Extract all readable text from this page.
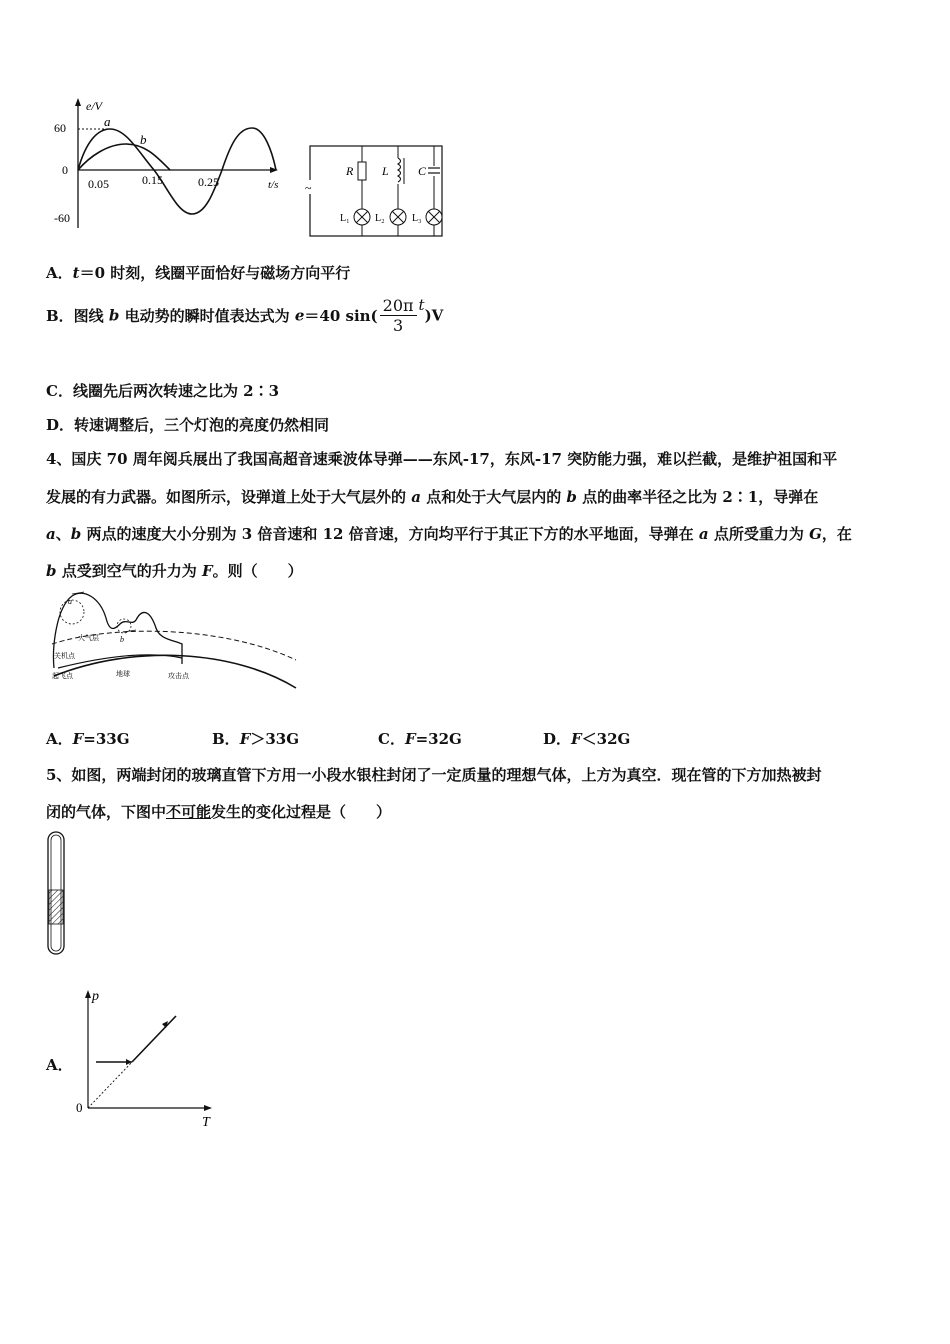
e/V
60
0
-60
0.05	0.15	0.25	t/s
a
b
~
R L C
L₁	L₂	L₃
A．t＝0 时刻，线圈平面恰好与磁场方向平行
B．图线 b 电动势的瞬时值表达式为 e＝40 $\sin( \frac{20\pi}{3} t)V$
C．线圈先后两次转速之比为 2∶3
D．转速调整后，三个灯泡的亮度仍然相同
4、国庆 70 周年阅兵展出了我国高超音速乘波体导弹——东风-17，东风-17 突防能力强，难以拦截，是维护祖国和平
发展的有力武器。如图所示，设弹道上处于大气层外的 a 点和处于大气层内的 b 点的曲率半径之比为 2∶1，导弹在
a、b 两点的速度大小分别为 3 倍音速和 12 倍音速，方向均平行于其正下方的水平地面，导弹在 a 点所受重力为 G，在
b 点受到空气的升力为 F。则（　　）
a
b
大气层
关机点
起飞点	地球	攻击点
A．F=33G	B．F＞33G	C．F=32G	D．F＜32G
5、如图，两端封闭的玻璃直管下方用一小段水银柱封闭了一定质量的理想气体，上方为真空．现在管的下方加热被封
闭的气体，下图中不可能发生的变化过程是（　　）
A．
p
T
0
